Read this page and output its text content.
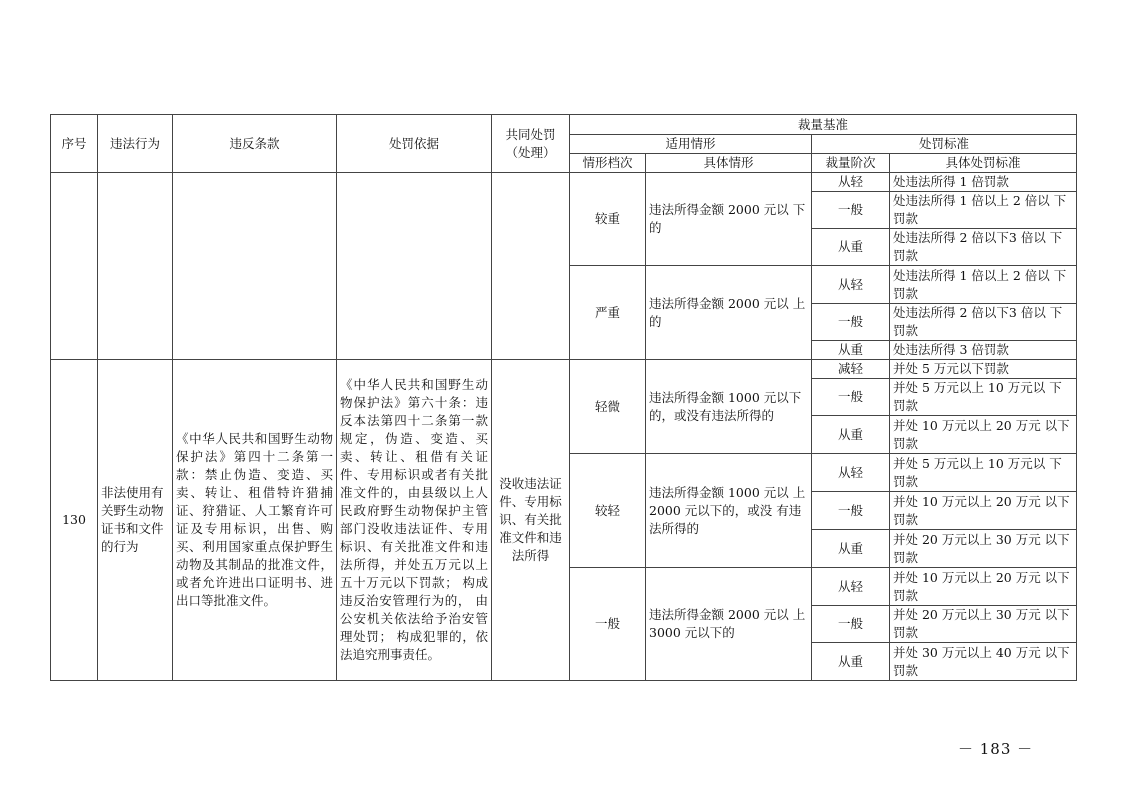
序号	违法行为	违反条款	处罚依据	共同处罚（处理）	裁量基准			
					适用情形		处罚标准	
					情形档次	具体情形	裁量阶次	具体处罚标准
					较重	违法所得金额 2000 元以 下的	从轻	处违法所得 1 倍罚款
							一般	处违法所得 1 倍以上 2 倍以 下罚款
							从重	处违法所得 2 倍以下3 倍以 下罚款
					严重	违法所得金额 2000 元以 上的	从轻	处违法所得 1 倍以上 2 倍以 下罚款
							一般	处违法所得 2 倍以下3 倍以 下罚款
							从重	处违法所得 3 倍罚款
130	非法使用有关野生动物证书和文件的行为	《中华人民共和国野生动物保护法》第四十二条第一款：禁止伪造、变造、买卖、转让、租借特许猎捕证、狩猎证、人工繁育许可证及专用标识，出售、购买、利用国家重点保护野生动物及其制品的批准文件，或者允许进出口证明书、进出口等批准文件。	《中华人民共和国野生动物保护法》第六十条：违反本法第四十二条第一款规定，伪造、变造、买卖、转让、租借有关证件、专用标识或者有关批准文件的，由县级以上人民政府野生动物保护主管部门没收违法证件、专用标识、有关批准文件和违法所得，并处五万元以上五十万元以下罚款； 构成违反治安管理行为的， 由公安机关依法给予治安管理处罚； 构成犯罪的，依法追究刑事责任。	没收违法证件、专用标识、有关批准文件和违法所得	轻微	违法所得金额 1000 元以下的，或没有违法所得的	减轻	并处 5 万元以下罚款
							一般	并处 5 万元以上 10 万元以 下 罚款
							从重	并处 10 万元以上 20 万元 以下罚款
					较轻	违法所得金额 1000 元以 上 2000 元以下的，或没 有违法所得的	从轻	并处 5 万元以上 10 万元以 下 罚款
							一般	并处 10 万元以上 20 万元 以下罚款
							从重	并处 20 万元以上 30 万元 以下罚款
					一般	违法所得金额 2000 元以 上 3000 元以下的	从轻	并处 10 万元以上 20 万元 以下罚款
							一般	并处 20 万元以上 30 万元 以下罚款
							从重	并处 30 万元以上 40 万元 以下罚款
－ 183 －
